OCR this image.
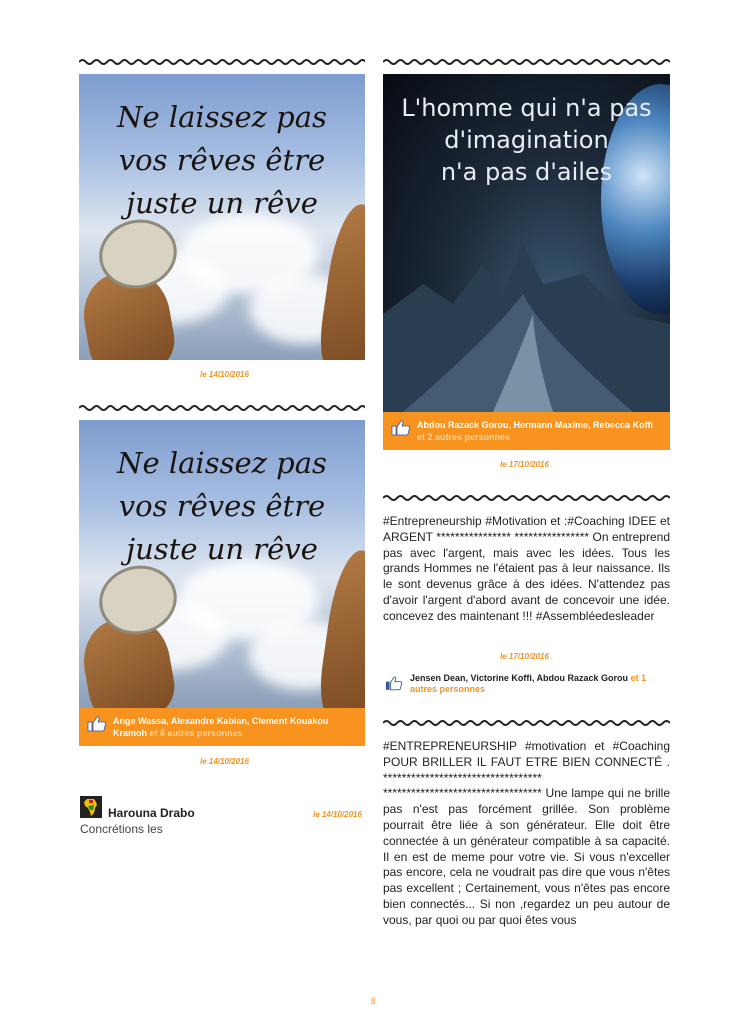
Ne laissez pas
vos rêves être
juste un rêve
le 14/10/2016
Ne laissez pas
vos rêves être
juste un rêve
Ange Wassa, Alexandre Kabian, Clement Kouakou Kramoh et 8 autres personnes
le 14/10/2016
Harouna Drabo	le 14/10/2016
Concrétions les
L'homme qui n'a pas
d'imagination
n'a pas d'ailes
Abdou Razack Gorou, Hermann Maxime, Rebecca Koffi et 2 autres personnes
le 17/10/2016

#Entrepreneurship #Motivation et :#Coaching IDEE et ARGENT **************** **************** On entreprend pas avec l'argent, mais avec les idées. Tous les grands Hommes ne l'étaient pas à leur naissance. Ils le sont devenus grâce à des idées. N'attendez pas d'avoir l'argent d'abord avant de concevoir une idée. concevez des maintenant !!! #Assembléedesleader

le 17/10/2016
Jensen Dean, Victorine Koffi, Abdou Razack Gorou et 1 autres personnes

#ENTREPRENEURSHIP #motivation et #Coaching POUR BRILLER IL FAUT ETRE BIEN CONNECTÉ . ********************************** ********************************** Une lampe qui ne brille pas n'est pas forcément grillée. Son problème pourrait être liée à son générateur. Elle doit être connectée à un générateur compatible à sa capacité. Il en est de meme pour votre vie. Si vous n'exceller pas encore, cela ne voudrait pas dire que vous n'êtes pas excellent ; Certainement, vous n'êtes pas encore bien connectés... Si non ,regardez un peu autour de vous, par quoi ou par quoi êtes vous

8
